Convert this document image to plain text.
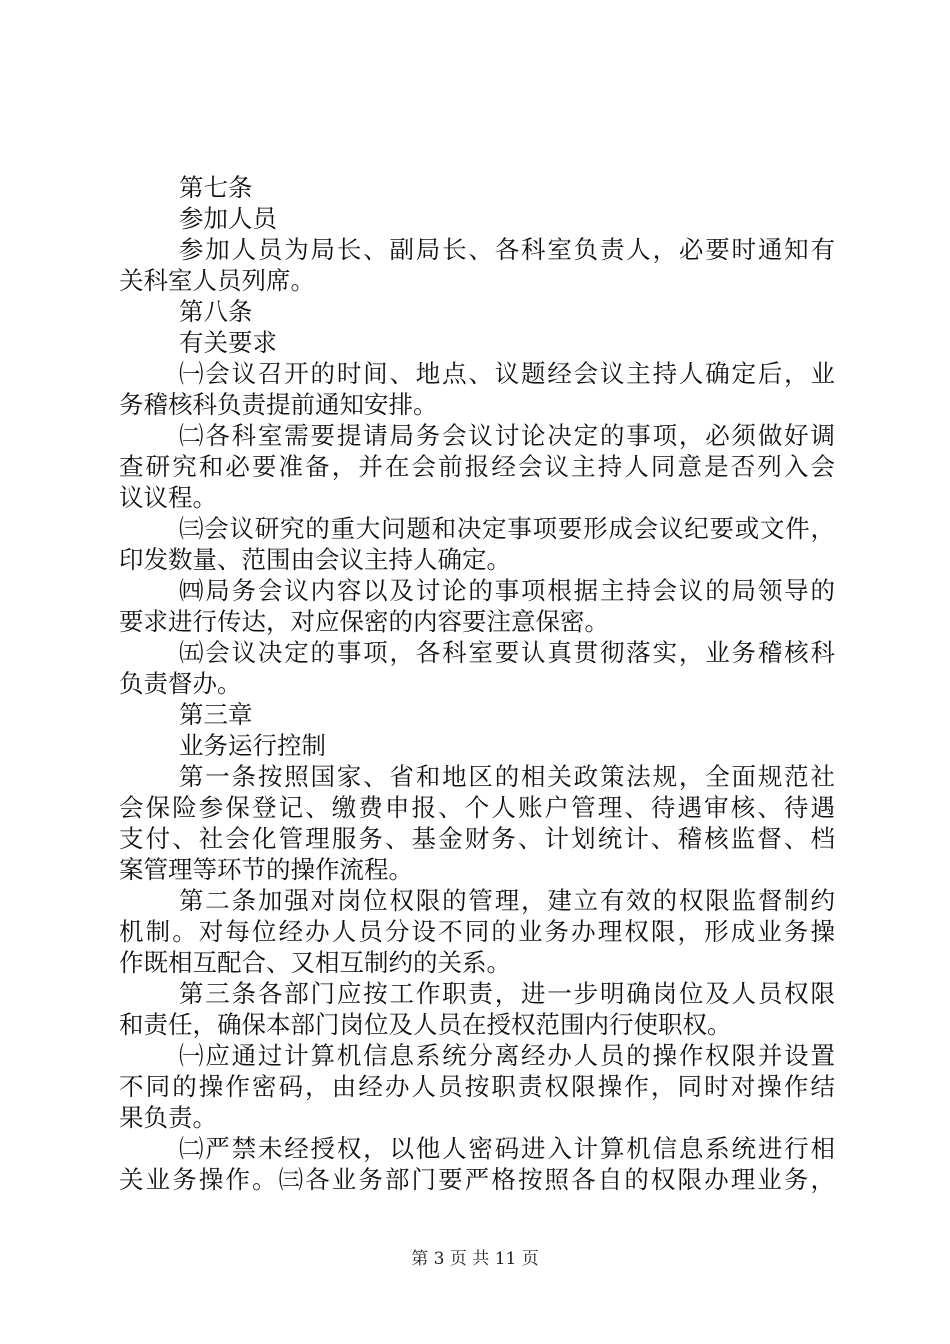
第七条

参加人员

参加人员为局长、副局长、各科室负责人，必要时通知有

关科室人员列席。

第八条

有关要求

㈠会议召开的时间、地点、议题经会议主持人确定后，业

务稽核科负责提前通知安排。

㈡各科室需要提请局务会议讨论决定的事项，必须做好调

查研究和必要准备，并在会前报经会议主持人同意是否列入会

议议程。

㈢会议研究的重大问题和决定事项要形成会议纪要或文件，

印发数量、范围由会议主持人确定。

㈣局务会议内容以及讨论的事项根据主持会议的局领导的

要求进行传达，对应保密的内容要注意保密。

㈤会议决定的事项，各科室要认真贯彻落实，业务稽核科

负责督办。

第三章

业务运行控制

第一条按照国家、省和地区的相关政策法规，全面规范社

会保险参保登记、缴费申报、个人账户管理、待遇审核、待遇

支付、社会化管理服务、基金财务、计划统计、稽核监督、档

案管理等环节的操作流程。

第二条加强对岗位权限的管理，建立有效的权限监督制约

机制。对每位经办人员分设不同的业务办理权限，形成业务操

作既相互配合、又相互制约的关系。

第三条各部门应按工作职责，进一步明确岗位及人员权限

和责任，确保本部门岗位及人员在授权范围内行使职权。

㈠应通过计算机信息系统分离经办人员的操作权限并设置

不同的操作密码，由经办人员按职责权限操作，同时对操作结

果负责。

㈡严禁未经授权，以他人密码进入计算机信息系统进行相

关业务操作。㈢各业务部门要严格按照各自的权限办理业务，

第 3 页 共 11 页
